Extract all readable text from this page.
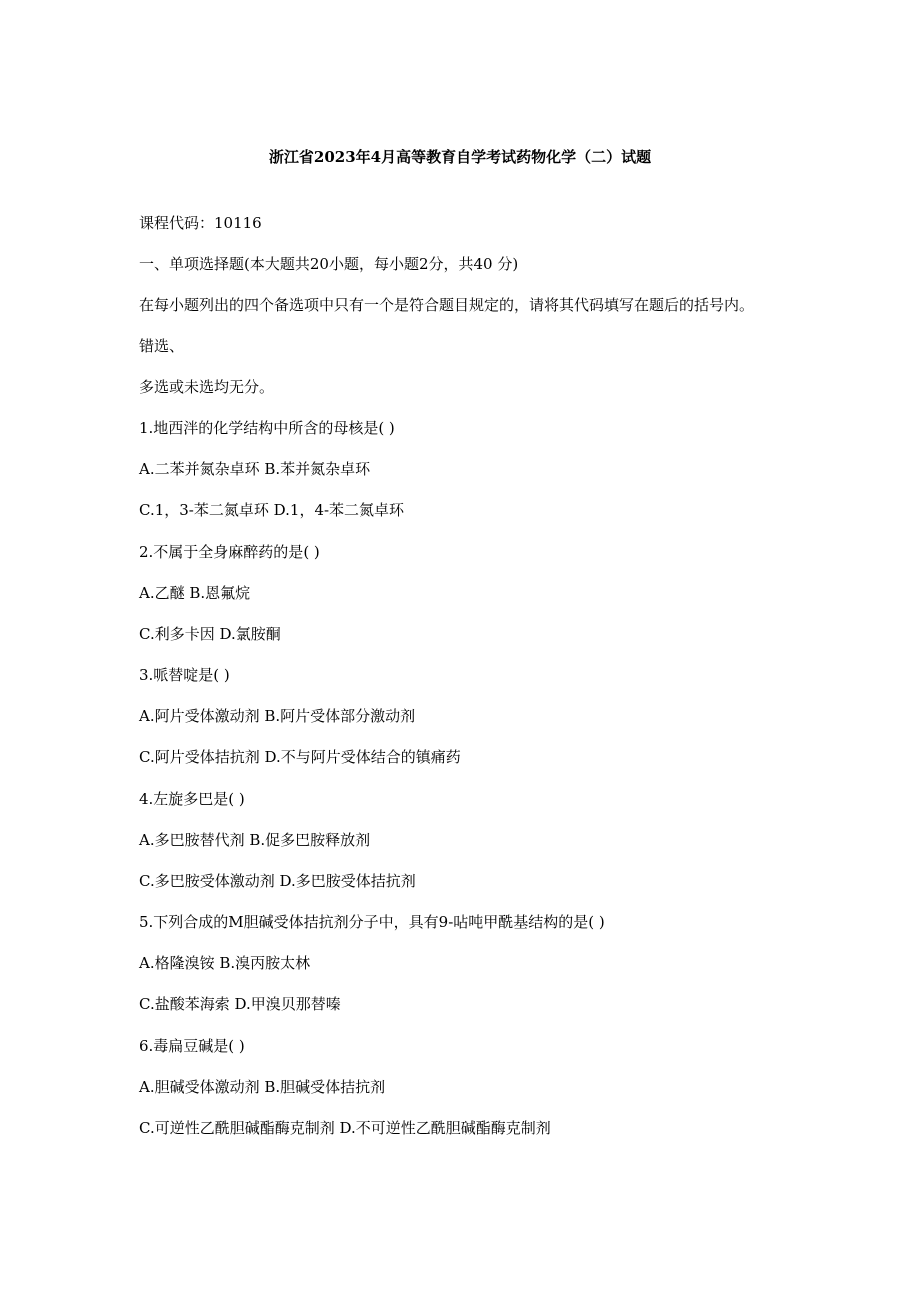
浙江省2023年4月高等教育自学考试药物化学（二）试题
课程代码：10116
一、单项选择题(本大题共20小题，每小题2分，共40 分)
在每小题列出的四个备选项中只有一个是符合题目规定的，请将其代码填写在题后的括号内。
错选、
多选或未选均无分。
1.地西泮的化学结构中所含的母核是( )
A.二苯并氮杂卓环 B.苯并氮杂卓环
C.1，3-苯二氮卓环 D.1，4-苯二氮卓环
2.不属于全身麻醉药的是( )
A.乙醚 B.恩氟烷
C.利多卡因 D.氯胺酮
3.哌替啶是( )
A.阿片受体激动剂 B.阿片受体部分激动剂
C.阿片受体拮抗剂 D.不与阿片受体结合的镇痛药
4.左旋多巴是( )
A.多巴胺替代剂 B.促多巴胺释放剂
C.多巴胺受体激动剂 D.多巴胺受体拮抗剂
5.下列合成的M胆碱受体拮抗剂分子中，具有9-呫吨甲酰基结构的是( )
A.格隆溴铵 B.溴丙胺太林
C.盐酸苯海索 D.甲溴贝那替嗪
6.毒扁豆碱是( )
A.胆碱受体激动剂 B.胆碱受体拮抗剂
C.可逆性乙酰胆碱酯酶克制剂 D.不可逆性乙酰胆碱酯酶克制剂
